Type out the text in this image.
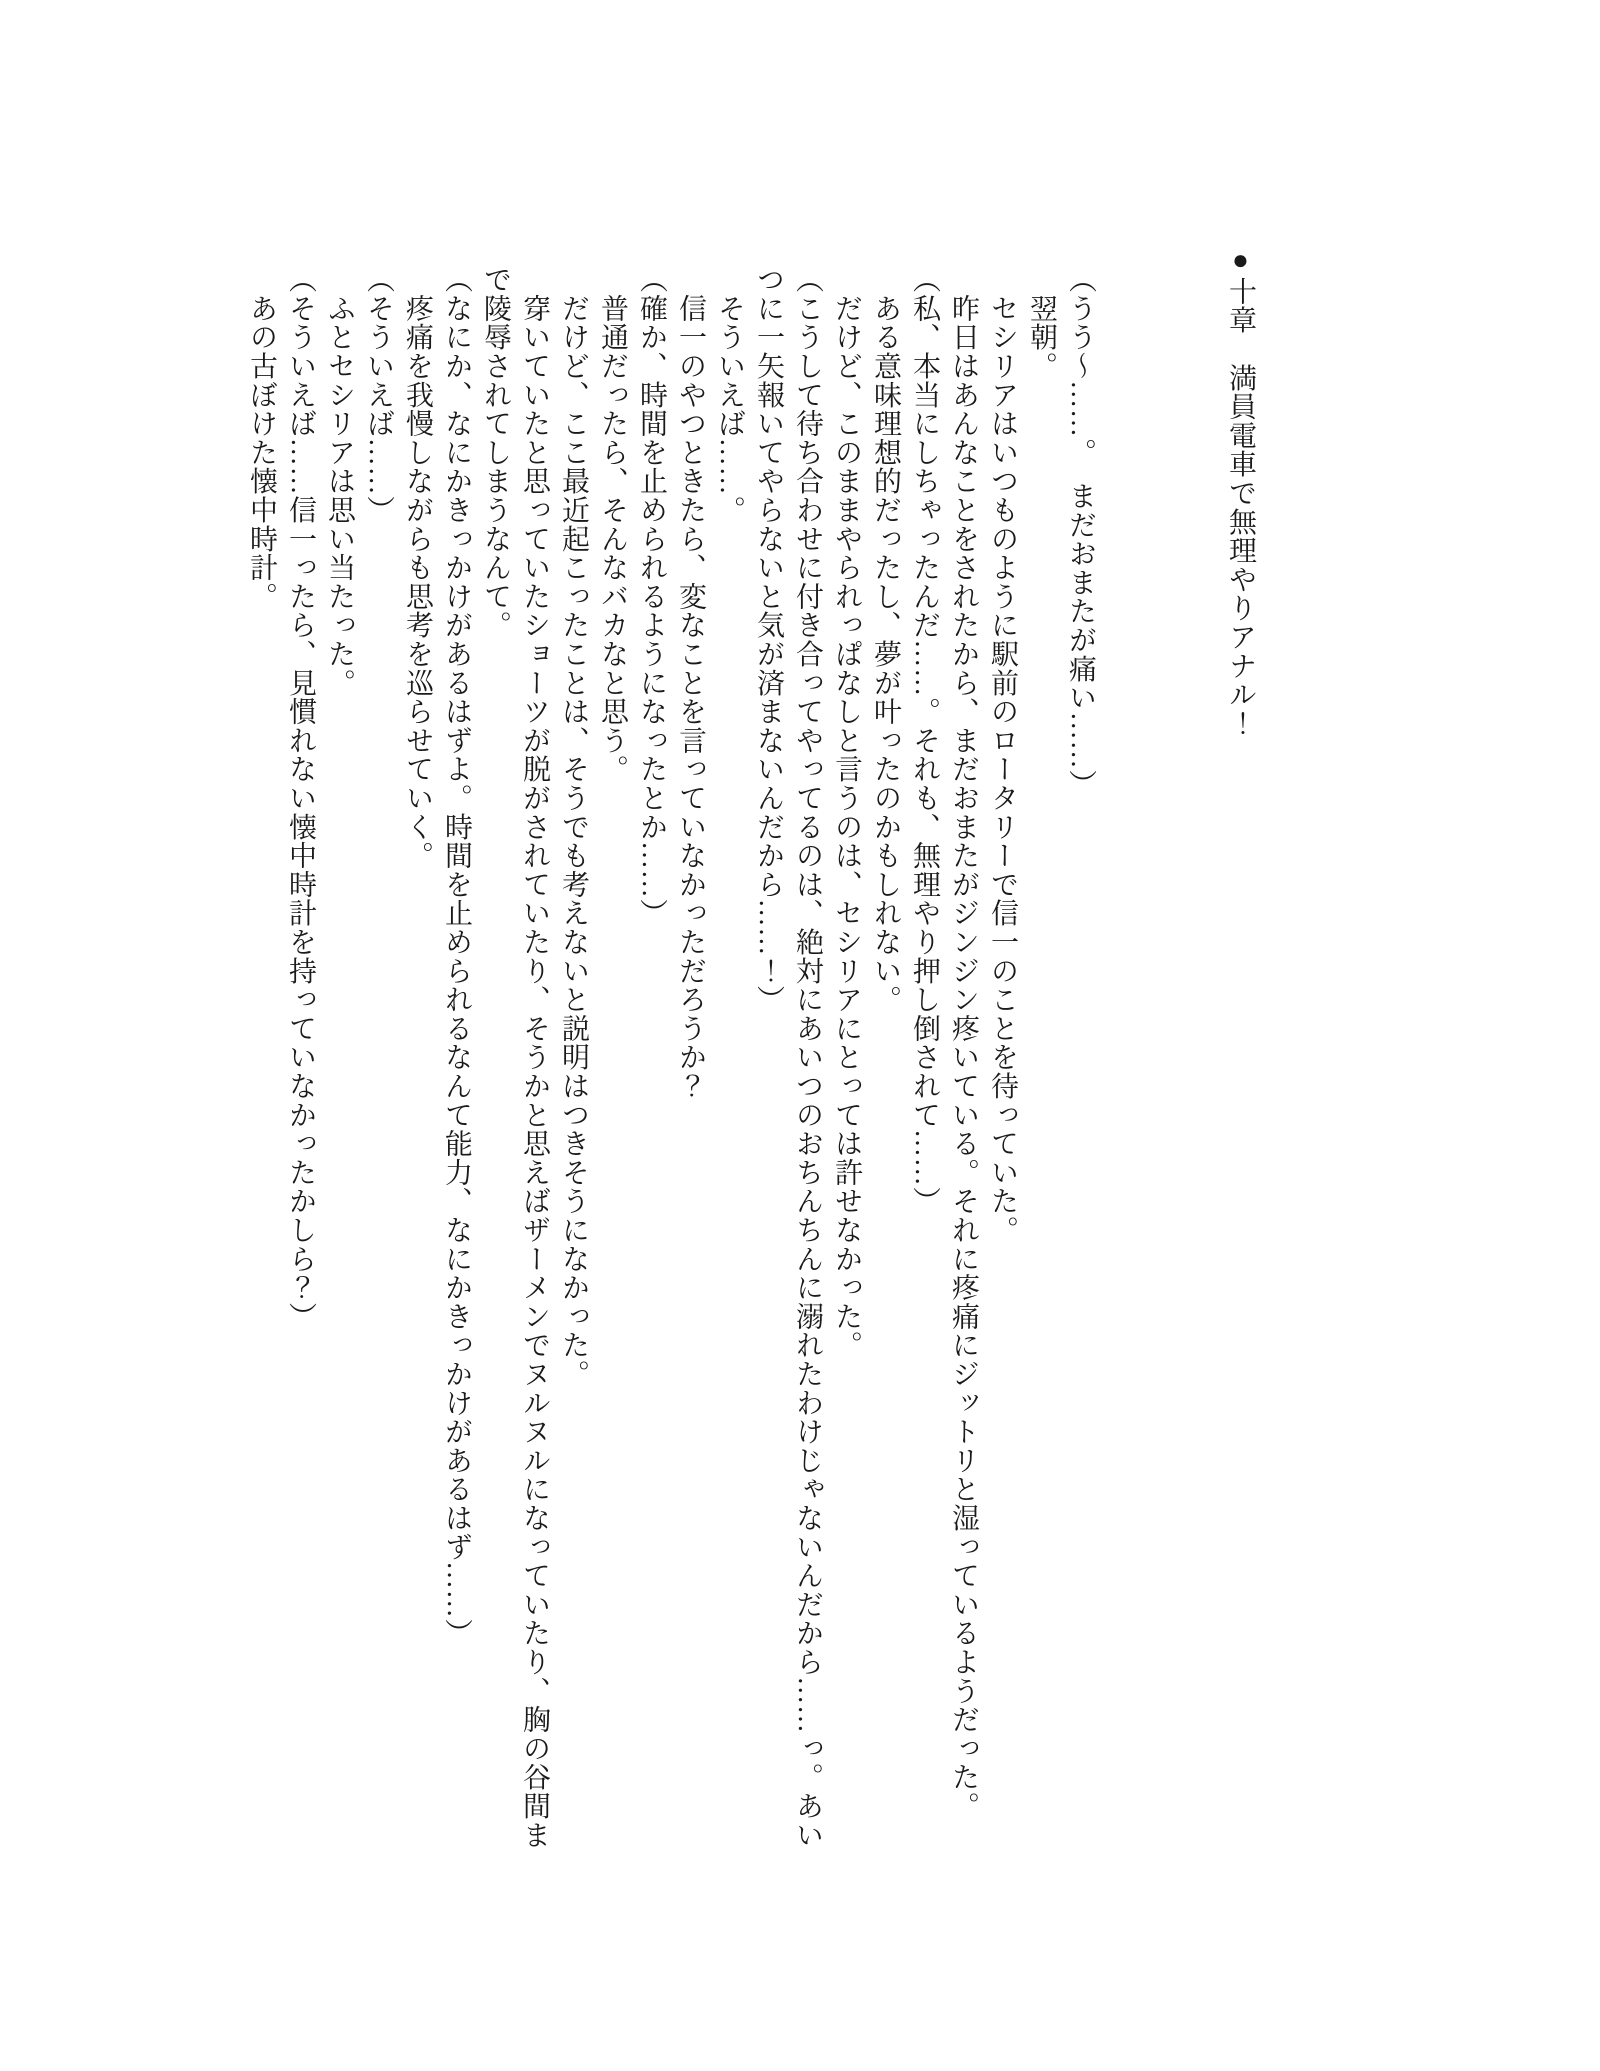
●十章　満員電車で無理やりアナル！

（うう〜……。　まだおまたが痛い……）

　翌朝。

　セシリアはいつものように駅前のロータリーで信一のことを待っていた。

　昨日はあんなことをされたから、まだおまたがジンジン疼いている。それに疼痛にジットリと湿っているようだった。

（私、本当にしちゃったんだ……。それも、無理やり押し倒されて……）

　ある意味理想的だったし、夢が叶ったのかもしれない。

　だけど、このままやられっぱなしと言うのは、セシリアにとっては許せなかった。

（こうして待ち合わせに付き合ってやってるのは、絶対にあいつのおちんちんに溺れたわけじゃないんだから……っ。あいつに一矢報いてやらないと気が済まないんだから……！）

　そういえば……。

　信一のやつときたら、変なことを言っていなかっただろうか？

（確か、時間を止められるようになったとか……）

　普通だったら、そんなバカなと思う。

　だけど、ここ最近起こったことは、そうでも考えないと説明はつきそうになかった。

　穿いていたと思っていたショーツが脱がされていたり、そうかと思えばザーメンでヌルヌルになっていたり、胸の谷間まで陵辱されてしまうなんて。

（なにか、なにかきっかけがあるはずよ。時間を止められるなんて能力、なにかきっかけがあるはず……）

　疼痛を我慢しながらも思考を巡らせていく。

（そういえば……）

　ふとセシリアは思い当たった。

（そういえば……信一ったら、見慣れない懐中時計を持っていなかったかしら？）

　あの古ぼけた懐中時計。
